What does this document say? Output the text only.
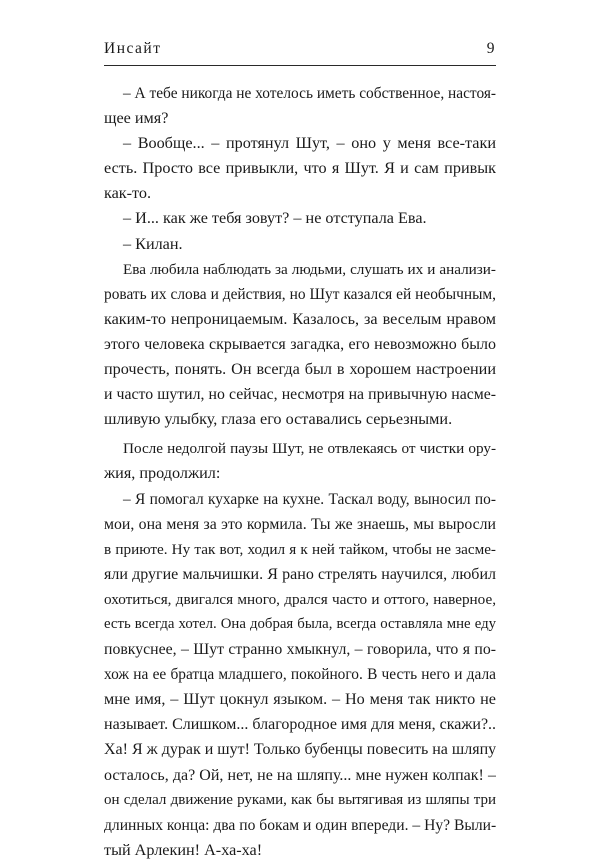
Инсайт	9
– А тебе никогда не хотелось иметь собственное, настоя-
щее имя?
– Вообще... – протянул Шут, – оно у меня все-таки
есть. Просто все привыкли, что я Шут. Я и сам привык
как-то.
– И... как же тебя зовут? – не отступала Ева.
– Килан.
Ева любила наблюдать за людьми, слушать их и анализи-
ровать их слова и действия, но Шут казался ей необычным,
каким-то непроницаемым. Казалось, за веселым нравом
этого человека скрывается загадка, его невозможно было
прочесть, понять. Он всегда был в хорошем настроении
и часто шутил, но сейчас, несмотря на привычную насме-
шливую улыбку, глаза его оставались серьезными.
После недолгой паузы Шут, не отвлекаясь от чистки ору-
жия, продолжил:
– Я помогал кухарке на кухне. Таскал воду, выносил по-
мои, она меня за это кормила. Ты же знаешь, мы выросли
в приюте. Ну так вот, ходил я к ней тайком, чтобы не засме-
яли другие мальчишки. Я рано стрелять научился, любил
охотиться, двигался много, дрался часто и оттого, наверное,
есть всегда хотел. Она добрая была, всегда оставляла мне еду
повкуснее, – Шут странно хмыкнул, – говорила, что я по-
хож на ее братца младшего, покойного. В честь него и дала
мне имя, – Шут цокнул языком. – Но меня так никто не
называет. Слишком... благородное имя для меня, скажи?..
Ха! Я ж дурак и шут! Только бубенцы повесить на шляпу
осталось, да? Ой, нет, не на шляпу... мне нужен колпак! –
он сделал движение руками, как бы вытягивая из шляпы три
длинных конца: два по бокам и один впереди. – Ну? Выли-
тый Арлекин! А-ха-ха!
